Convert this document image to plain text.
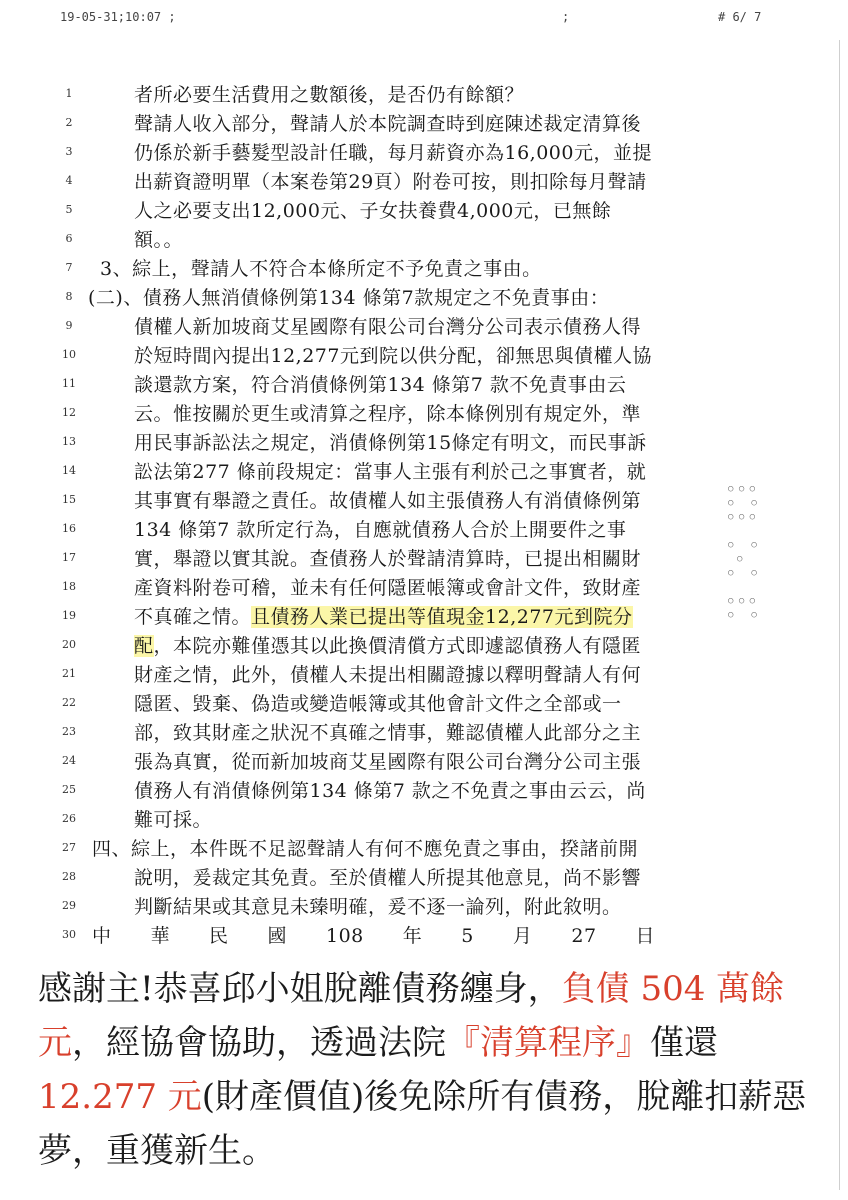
19-05-31;10:07 ;	;	# 6/ 7
1	者所必要生活費用之數額後，是否仍有餘額？
2	聲請人收入部分，聲請人於本院調查時到庭陳述裁定清算後
3	仍係於新手藝髮型設計任職，每月薪資亦為16,000元，並提
4	出薪資證明單（本案卷第29頁）附卷可按，則扣除每月聲請
5	人之必要支出12,000元、子女扶養費4,000元，已無餘
6	額。。
7	3、綜上，聲請人不符合本條所定不予免責之事由。
8 (二)、債務人無消債條例第134 條第7款規定之不免責事由：
9	債權人新加坡商艾星國際有限公司台灣分公司表示債務人得
10	於短時間內提出12,277元到院以供分配，卻無思與債權人協
11	談還款方案，符合消債條例第134 條第7 款不免責事由云
12	云。惟按關於更生或清算之程序，除本條例別有規定外，準
13	用民事訴訟法之規定，消債條例第15條定有明文，而民事訴
14	訟法第277 條前段規定：當事人主張有利於己之事實者，就
15	其事實有舉證之責任。故債權人如主張債務人有消債條例第
16	134 條第7 款所定行為，自應就債務人合於上開要件之事
17	實，舉證以實其說。查債務人於聲請清算時，已提出相關財
18	產資料附卷可稽，並未有任何隱匿帳簿或會計文件，致財產
19	不真確之情。且債務人業已提出等值現金12,277元到院分
20	配，本院亦難僅憑其以此換價清償方式即遽認債務人有隱匿
21	財產之情，此外，債權人未提出相關證據以釋明聲請人有何
22	隱匿、毀棄、偽造或變造帳簿或其他會計文件之全部或一
23	部，致其財產之狀況不真確之情事，難認債權人此部分之主
24	張為真實，從而新加坡商艾星國際有限公司台灣分公司主張
25	債務人有消債條例第134 條第7 款之不免責之事由云云，尚
26	難可採。
27 四、綜上，本件既不足認聲請人有何不應免責之事由，揆諸前開
28	說明，爰裁定其免責。至於債權人所提其他意見，尚不影響
29	判斷結果或其意見未臻明確，爰不逐一論列，附此敘明。
30 中　　華　　民　　國　　108　　年　　5　　月　　27　　日
○ ○ ○
○　　○
○ ○ ○

○　　○
　○
○　　○

○ ○ ○
○　　○
感謝主!恭喜邱小姐脫離債務纏身，負債 504 萬餘元，經協會協助，透過法院『清算程序』僅還 12.277 元(財產價值)後免除所有債務，脫離扣薪惡夢，重獲新生。
